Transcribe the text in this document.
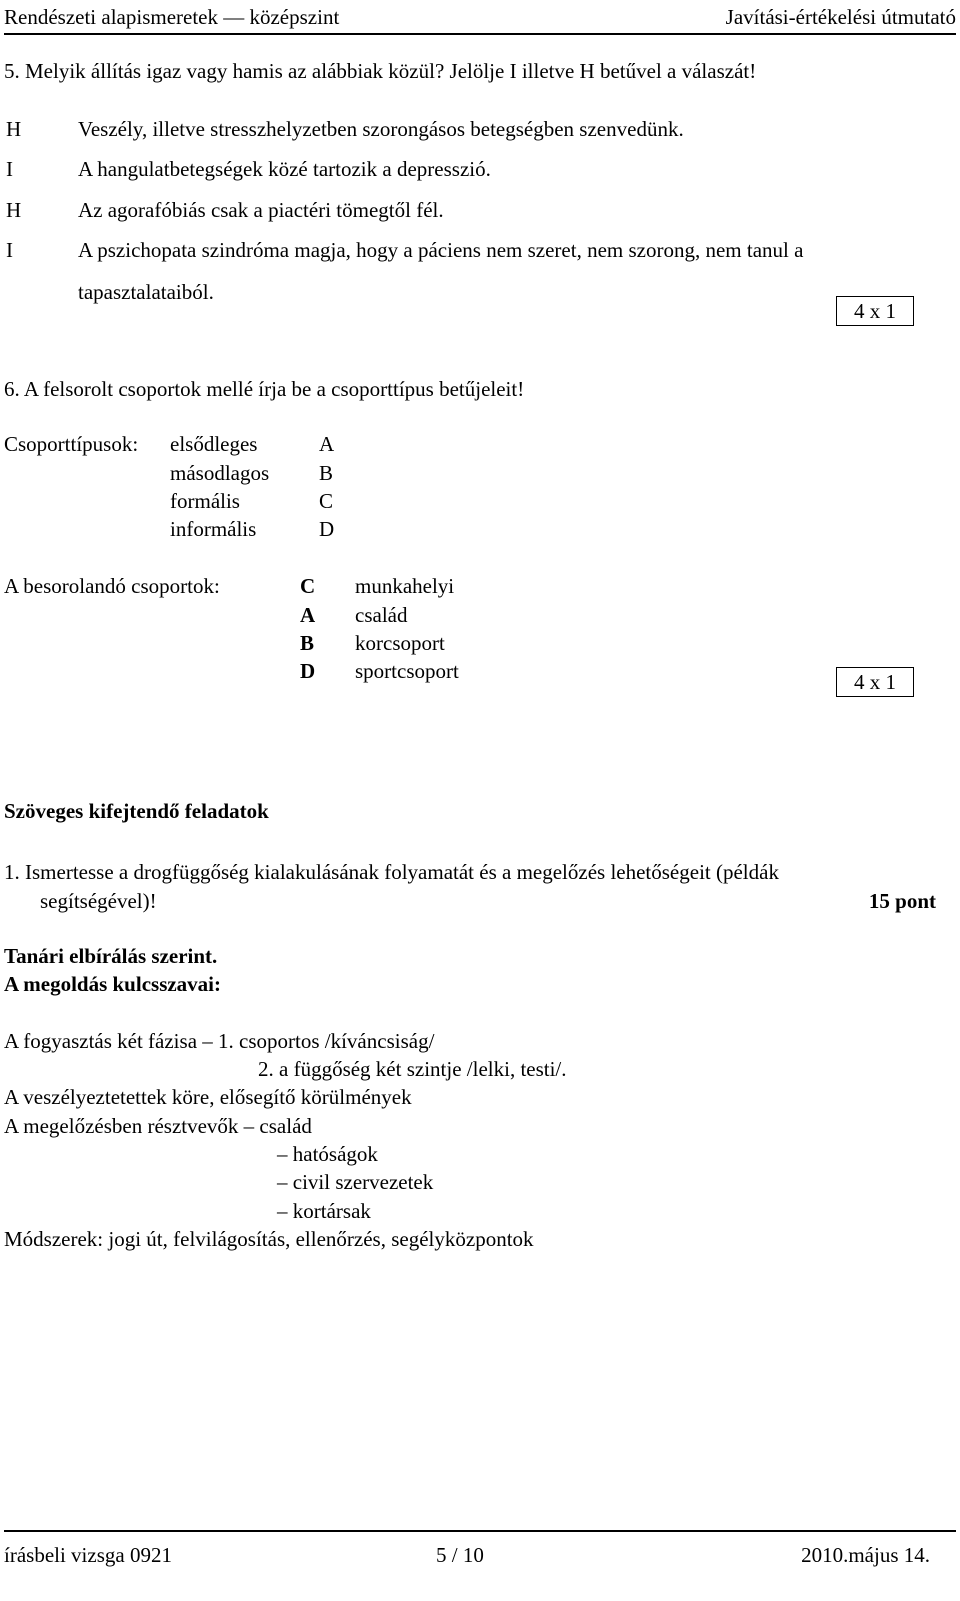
Rendészeti alapismeretek — középszint	Javítási-értékelési útmutató
5. Melyik állítás igaz vagy hamis az alábbiak közül? Jelölje I illetve H betűvel a válaszát!
H	Veszély, illetve stresszhelyzetben szorongásos betegségben szenvedünk.
I	A hangulatbetegségek közé tartozik a depresszió.
H	Az agorafóbiás csak a piactéri tömegtől fél.
I	A pszichopata szindróma magja, hogy a páciens nem szeret, nem szorong, nem tanul a
tapasztalataiból.
4 x 1
6. A felsorolt csoportok mellé írja be a csoporttípus betűjeleit!
Csoporttípusok: elsődleges	A
másodlagos B
formális	C
informális	D
A besorolandó csoportok:	C munkahelyi
A család
B korcsoport
D sportcsoport	4 x 1
Szöveges kifejtendő feladatok
1. Ismertesse a drogfüggőség kialakulásának folyamatát és a megelőzés lehetőségeit (példák
segítségével)!	15 pont
Tanári elbírálás szerint.
A megoldás kulcsszavai:
A fogyasztás két fázisa – 1. csoportos /kíváncsiság/
2. a függőség két szintje /lelki, testi/.
A veszélyeztetettek köre, elősegítő körülmények
A megelőzésben résztvevők – család
– hatóságok
– civil szervezetek
– kortársak
Módszerek: jogi út, felvilágosítás, ellenőrzés, segélyközpontok
írásbeli vizsga 0921	5 / 10	2010.május 14.
